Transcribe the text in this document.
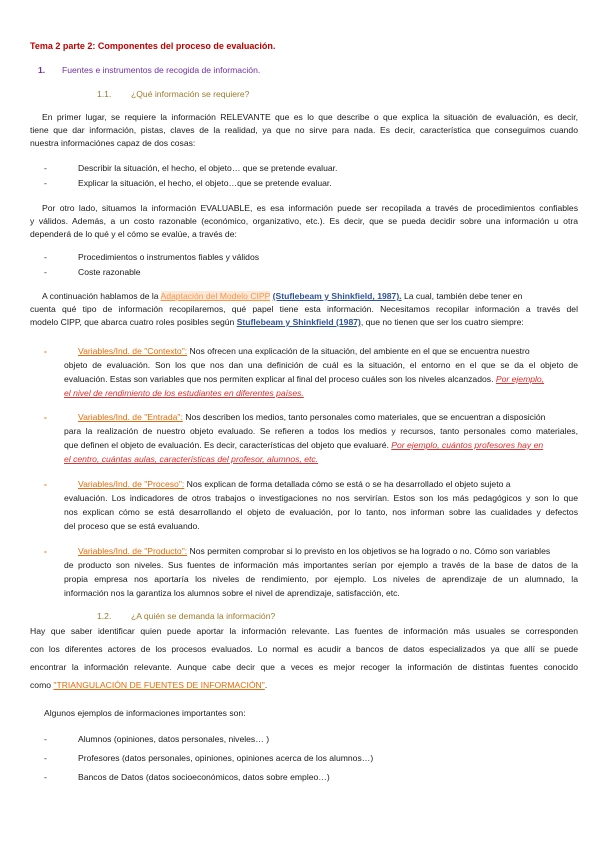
Tema 2 parte 2: Componentes del proceso de evaluación.
1. Fuentes e instrumentos de recogida de información.
1.1. ¿Qué información se requiere?
En primer lugar, se requiere la información RELEVANTE que es lo que describe o que explica la situación de evaluación, es decir,
tiene que dar información, pistas, claves de la realidad, ya que no sirve para nada. Es decir, característica que conseguimos cuando
nuestra informaciónes capaz de dos cosas:
-	Describir la situación, el hecho, el objeto… que se pretende evaluar.
-	Explicar la situación, el hecho, el objeto…que se pretende evaluar.
Por otro lado, situamos la información EVALUABLE, es esa información puede ser recopilada a través de procedimientos confiables
y válidos. Además, a un costo razonable (económico, organizativo, etc.). Es decir, que se pueda decidir sobre una información u otra
dependerá de lo qué y el cómo se evalúe, a través de:
-	Procedimientos o instrumentos fiables y válidos
-	Coste razonable
A continuación hablamos de la Adaptación del Modelo CIPP (Stuflebeam y Shinkfield, 1987). La cual, también debe tener en
cuenta qué tipo de información recopilaremos, qué papel tiene esta información. Necesitamos recopilar información a través del
modelo CIPP, que abarca cuatro roles posibles según Stuflebeam y Shinkfield (1987), que no tienen que ser los cuatro siempre:
-	Variables/Ind. de "Contexto": Nos ofrecen una explicación de la situación, del ambiente en el que se encuentra nuestro
objeto de evaluación. Son los que nos dan una definición de cuál es la situación, el entorno en el que se da el objeto de
evaluación. Estas son variables que nos permiten explicar al final del proceso cuáles son los niveles alcanzados. Por ejemplo,
el nivel de rendimiento de los estudiantes en diferentes países.
-	Variables/Ind. de "Entrada": Nos describen los medios, tanto personales como materiales, que se encuentran a disposición
para la realización de nuestro objeto evaluado. Se refieren a todos los medios y recursos, tanto personales como materiales,
que definen el objeto de evaluación. Es decir, características del objeto que evaluaré. Por ejemplo, cuántos profesores hay en
el centro, cuántas aulas, características del profesor, alumnos, etc.
-	Variables/Ind. de "Proceso": Nos explican de forma detallada cómo se está o se ha desarrollado el objeto sujeto a
evaluación. Los indicadores de otros trabajos o investigaciones no nos servirían. Estos son los más pedagógicos y son lo que
nos explican cómo se está desarrollando el objeto de evaluación, por lo tanto, nos informan sobre las cualidades y defectos
del proceso que se está evaluando.
-	Variables/Ind. de "Producto": Nos permiten comprobar si lo previsto en los objetivos se ha logrado o no. Cómo son variables
de producto son niveles. Sus fuentes de información más importantes serían por ejemplo a través de la base de datos de la
propia empresa nos aportaría los niveles de rendimiento, por ejemplo. Los niveles de aprendizaje de un alumnado, la
información nos la garantiza los alumnos sobre el nivel de aprendizaje, satisfacción, etc.
1.2. ¿A quién se demanda la información?
Hay que saber identificar quien puede aportar la información relevante. Las fuentes de información más usuales se corresponden
con los diferentes actores de los procesos evaluados. Lo normal es acudir a bancos de datos especializados ya que allí se puede
encontrar la información relevante. Aunque cabe decir que a veces es mejor recoger la información de distintas fuentes conocido
como "TRIANGULACIÓN DE FUENTES DE INFORMACIÓN".
Algunos ejemplos de informaciones importantes son:
-	Alumnos (opiniones, datos personales, niveles… )
-	Profesores (datos personales, opiniones, opiniones acerca de los alumnos…)
-	Bancos de Datos (datos socioeconómicos, datos sobre empleo…)
